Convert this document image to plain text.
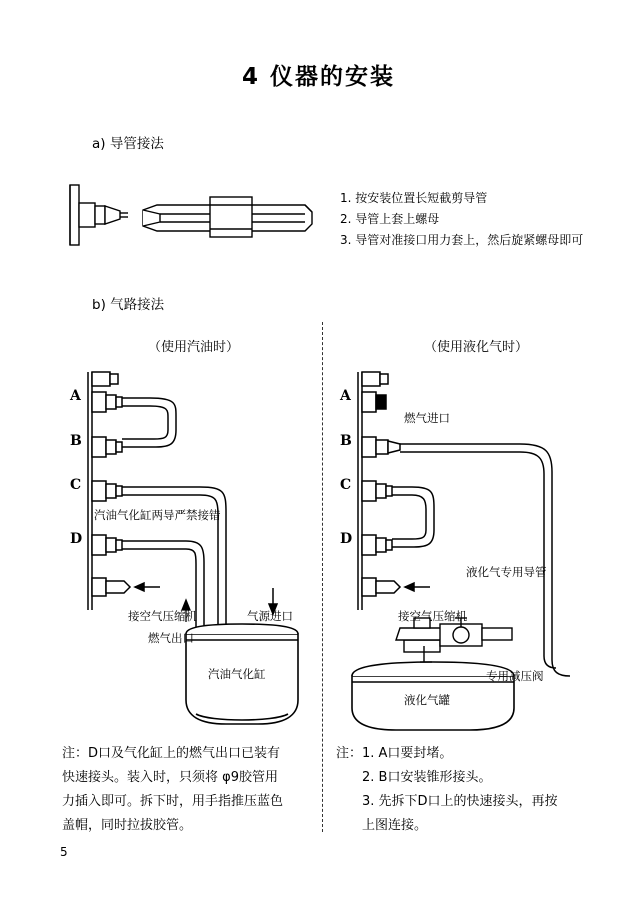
4 仪器的安装
a) 导管接法
1. 按安装位置长短截剪导管
2. 导管上套上螺母
3. 导管对准接口用力套上，然后旋紧螺母即可
b) 气路接法
（使用汽油时）	（使用液化气时）
A
B
C
D
汽油气化缸两导严禁接错
接空气压缩机
燃气出口
气源进口
汽油气化缸
A
B
C
D
燃气进口
接空气压缩机
液化气专用导管
专用减压阀
液化气罐
注：D口及气化缸上的燃气出口已装有
快速接头。装入时，只须将 φ9胶管用
力插入即可。拆下时，用手指推压蓝色
盖帽，同时拉拔胶管。
注：1. A口要封堵。
2. B口安装锥形接头。
3. 先拆下D口上的快速接头，再按
上图连接。
5
